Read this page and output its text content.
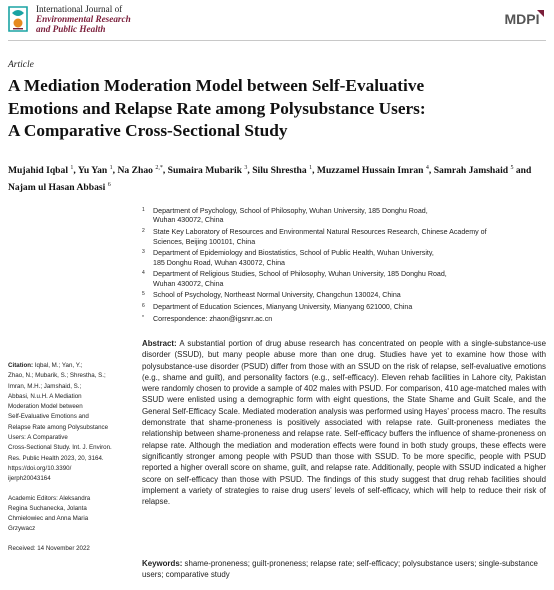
International Journal of
Environmental Research
and Public Health
MDPI
Article
A Mediation Moderation Model between Self-Evaluative
Emotions and Relapse Rate among Polysubstance Users:
A Comparative Cross-Sectional Study
Mujahid Iqbal $^1$, Yu Yan $^1$, Na Zhao $^{2,*}$, Sumaira Mubarik $^3$, Silu Shrestha $^1$, Muzzamel Hussain Imran $^4$, Samrah Jamshaid $^5$ and Najam ul Hasan Abbasi $^6$
1 Department of Psychology, School of Philosophy, Wuhan University, 185 Donghu Road,
Wuhan 430072, China
2 State Key Laboratory of Resources and Environmental Natural Resources Research, Chinese Academy of
Sciences, Beijing 100101, China
3 Department of Epidemiology and Biostatistics, School of Public Health, Wuhan University,
185 Donghu Road, Wuhan 430072, China
4 Department of Religious Studies, School of Philosophy, Wuhan University, 185 Donghu Road,
Wuhan 430072, China
5 School of Psychology, Northeast Normal University, Changchun 130024, China
6 Department of Education Sciences, Mianyang University, Mianyang 621000, China
* Correspondence: zhaon@igsnrr.ac.cn
Citation: Iqbal, M.; Yan, Y.;
Zhao, N.; Mubarik, S.; Shrestha, S.;
Imran, M.H.; Jamshaid, S.;
Abbasi, N.u.H. A Mediation
Moderation Model between
Self-Evaluative Emotions and
Relapse Rate among Polysubstance
Users: A Comparative
Cross-Sectional Study. Int. J. Environ.
Res. Public Health 2023, 20, 3164.
https://doi.org/10.3390/
ijerph20043164
Academic Editors: Aleksandra
Regina Suchanecka, Jolanta
Chmielowiec and Anna Maria
Grzywacz
Received: 14 November 2022
Abstract: A substantial portion of drug abuse research has concentrated on people with a single-substance-use disorder (SSUD), but many people abuse more than one drug. Studies have yet to examine how those with polysubstance-use disorder (PSUD) differ from those with an SSUD on the risk of relapse, self-evaluative emotions (e.g., shame and guilt), and personality factors (e.g., self-efficacy). Eleven rehab facilities in Lahore city, Pakistan were randomly chosen to provide a sample of 402 males with PSUD. For comparison, 410 age-matched males with SSUD were enlisted using a demographic form with eight questions, the State Shame and Guilt Scale, and the General Self-Efficacy Scale. Mediated moderation analysis was performed using Hayes’ process macro. The results demonstrate that shame-proneness is positively associated with relapse rate. Guilt-proneness mediates the relationship between shame-proneness and relapse rate. Self-efficacy buffers the influence of shame-proneness on relapse rate. Although the mediation and moderation effects were found in both study groups, these effects were significantly stronger among people with PSUD than those with SSUD. To be more specific, people with PSUD reported a higher overall score on shame, guilt, and relapse rate. Additionally, people with SSUD indicated a higher score on self-efficacy than those with PSUD. The findings of this study suggest that drug rehab facilities should implement a variety of strategies to raise drug users’ levels of self-efficacy, which will help to reduce their risk of relapse.
Keywords: shame-proneness; guilt-proneness; relapse rate; self-efficacy; polysubstance users; single-substance users; comparative study
